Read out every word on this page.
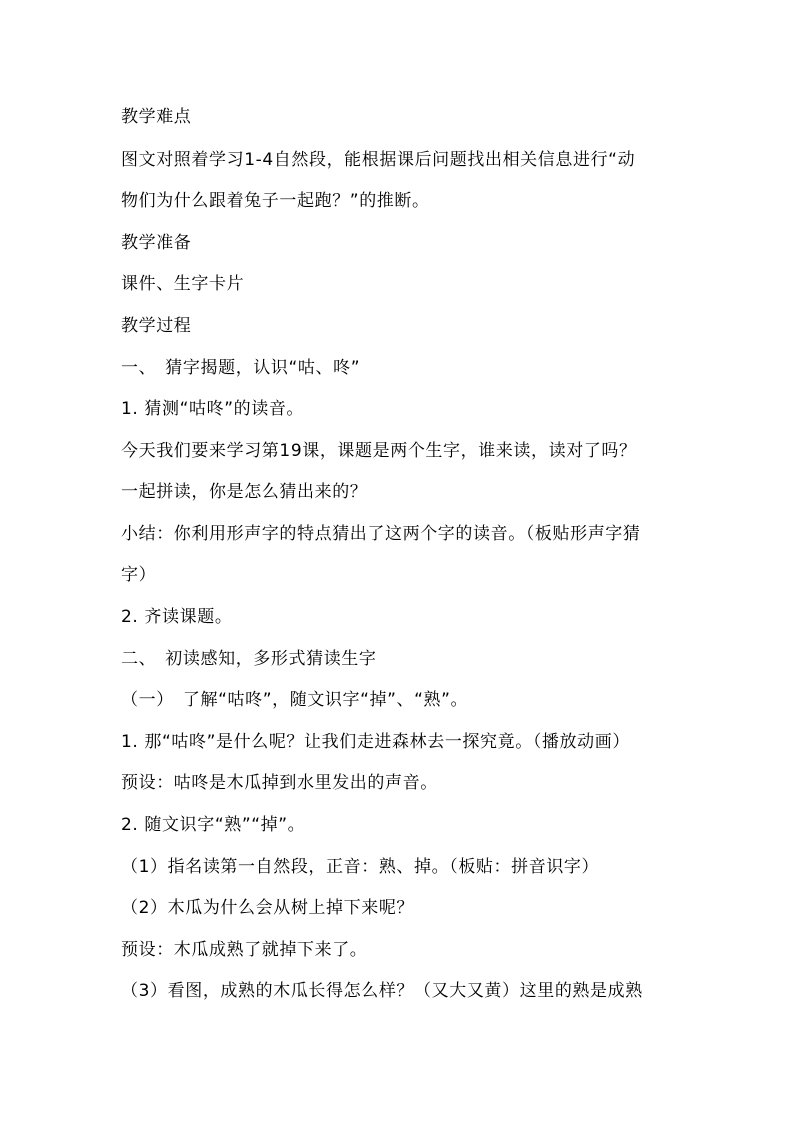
教学难点
图文对照着学习1-4自然段，能根据课后问题找出相关信息进行“动
物们为什么跟着兔子一起跑？”的推断。
教学准备
课件、生字卡片
教学过程
一、　猜字揭题，认识“咕、咚”
1. 猜测“咕咚”的读音。
今天我们要来学习第19课，课题是两个生字，谁来读，读对了吗？
一起拼读，你是怎么猜出来的？
小结：你利用形声字的特点猜出了这两个字的读音。（板贴形声字猜
字）
2. 齐读课题。
二、　初读感知，多形式猜读生字
（一）　了解“咕咚”，随文识字“掉”、“熟”。
1. 那“咕咚”是什么呢？让我们走进森林去一探究竟。（播放动画）
预设：咕咚是木瓜掉到水里发出的声音。
2. 随文识字“熟”“掉”。
（1）指名读第一自然段，正音：熟、掉。（板贴：拼音识字）
（2）木瓜为什么会从树上掉下来呢？
预设：木瓜成熟了就掉下来了。
（3）看图，成熟的木瓜长得怎么样？（又大又黄）这里的熟是成熟
